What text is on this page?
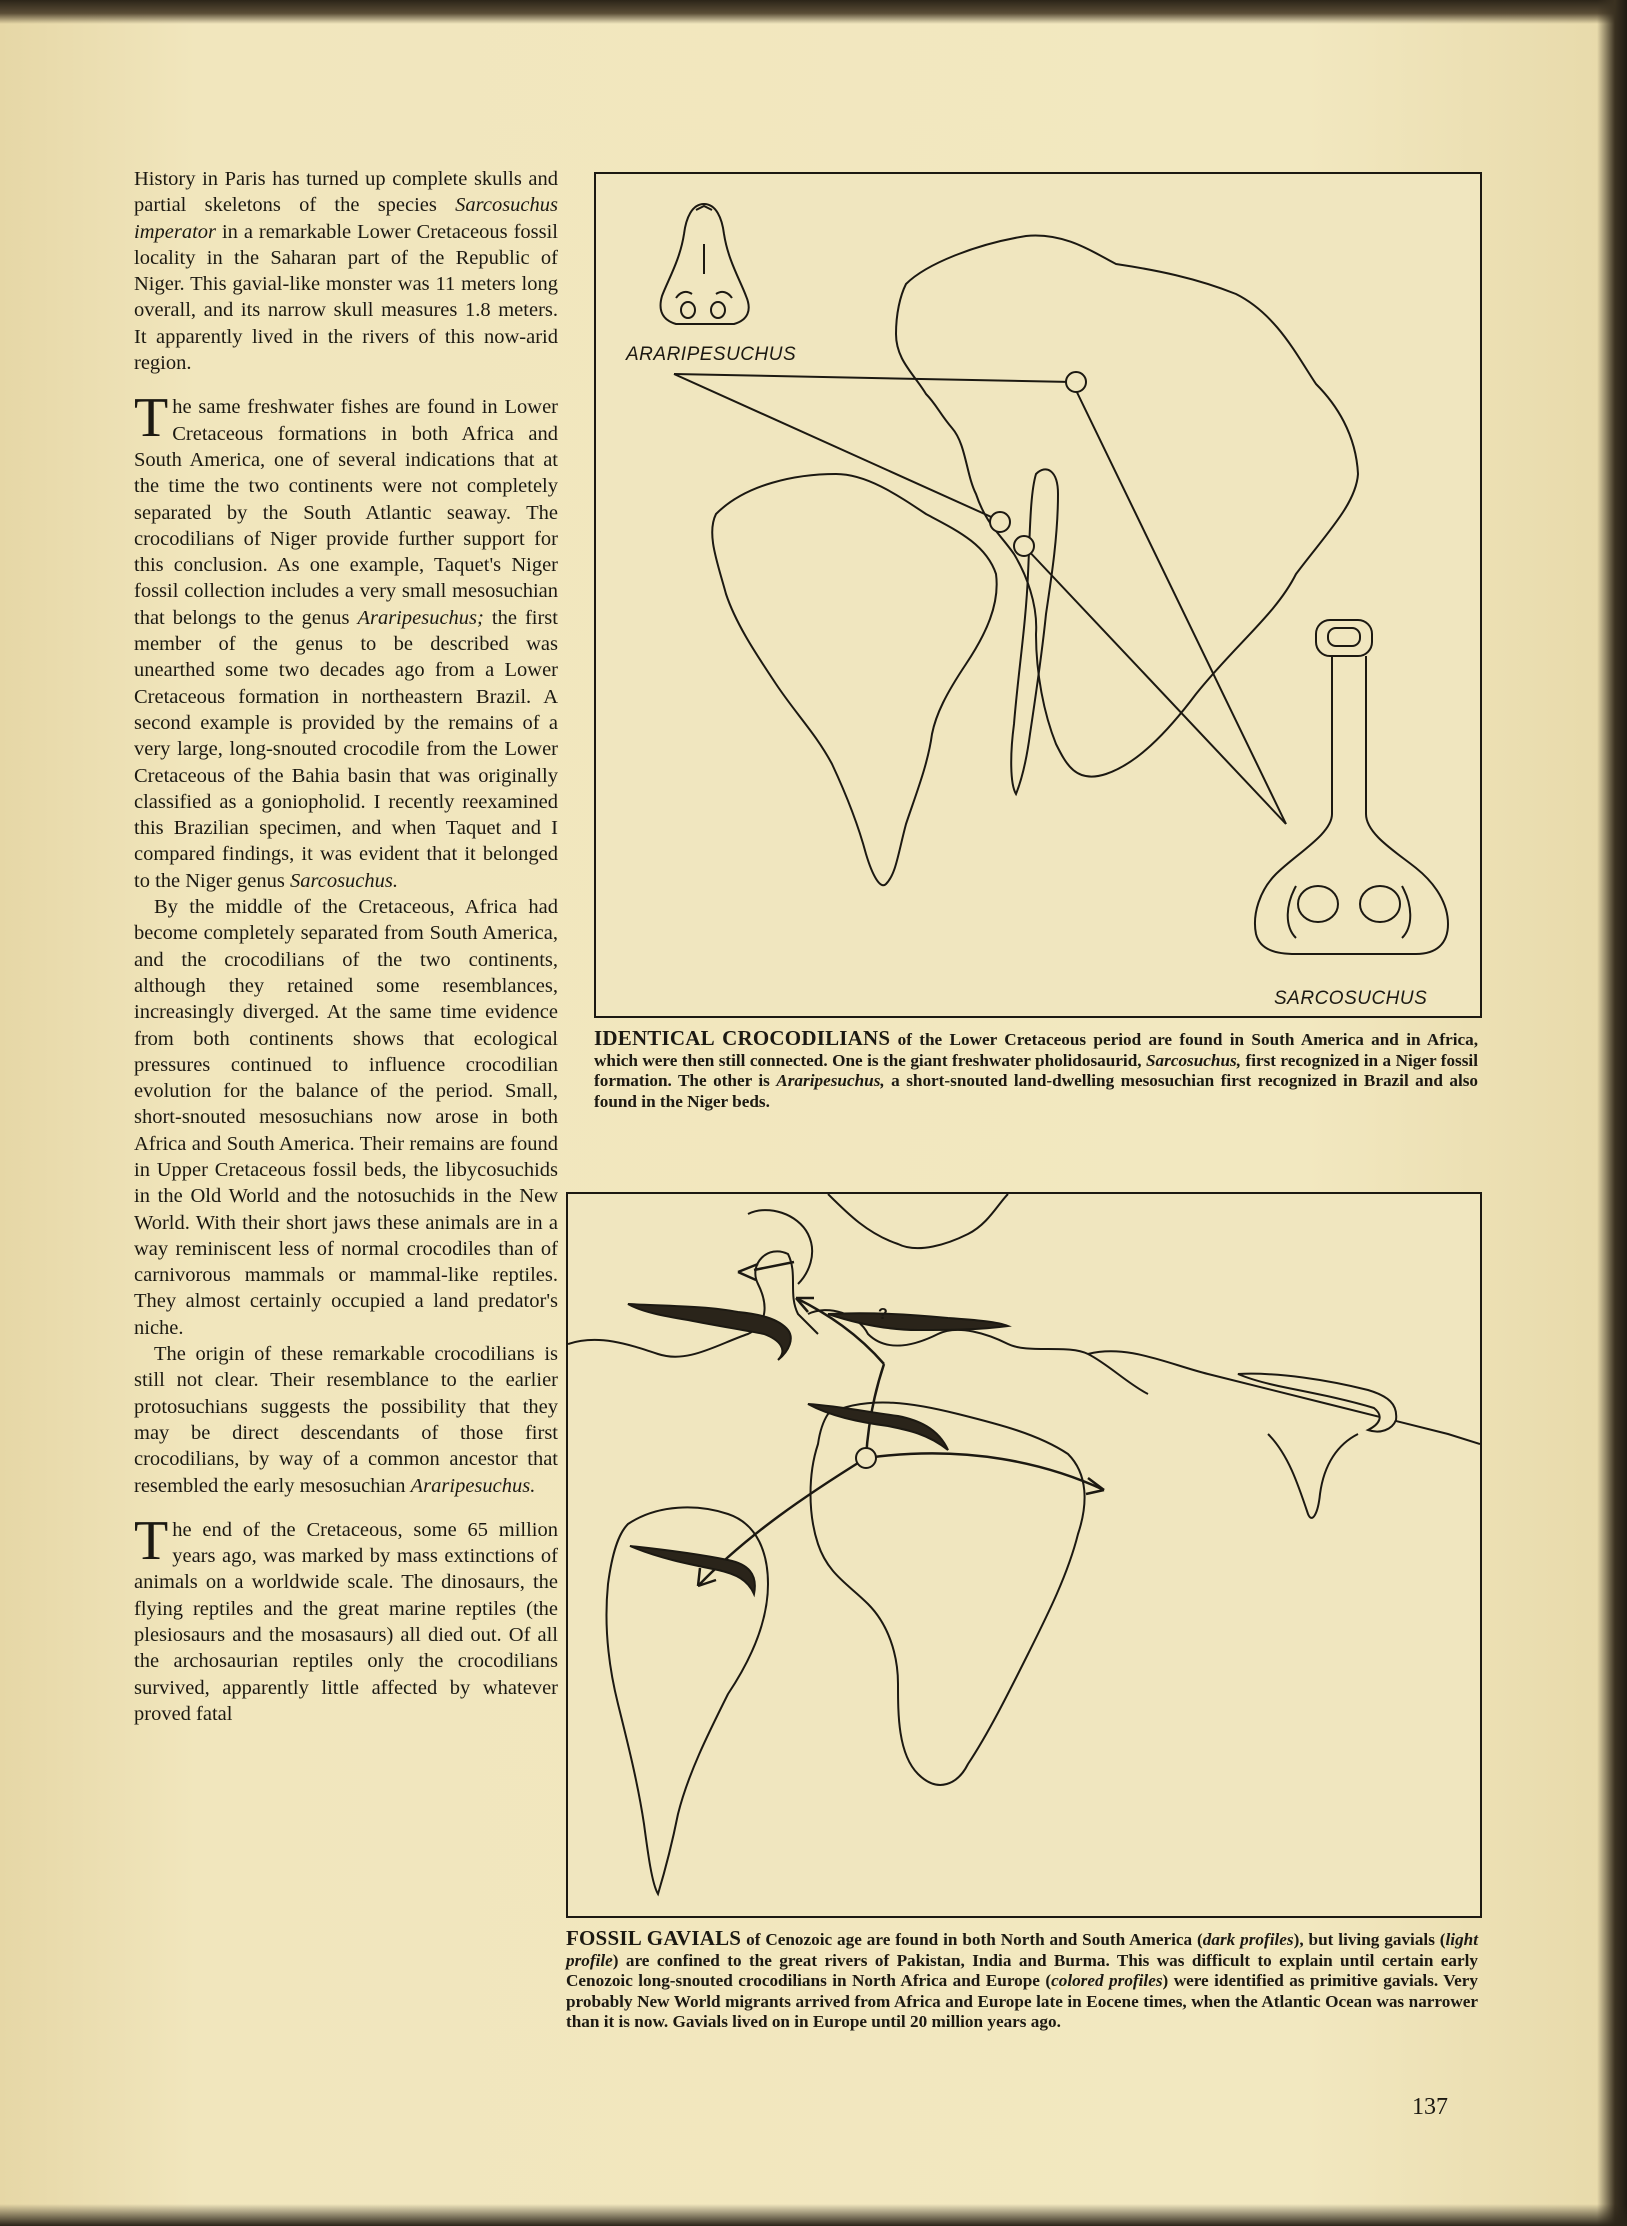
History in Paris has turned up complete skulls and partial skeletons of the species Sarcosuchus imperator in a remarkable Lower Cretaceous fossil locality in the Saharan part of the Republic of Niger. This gavial-like monster was 11 meters long overall, and its narrow skull measures 1.8 meters. It apparently lived in the rivers of this now-arid region.

The same freshwater fishes are found in Lower Cretaceous formations in both Africa and South America, one of several indications that at the time the two continents were not completely separated by the South Atlantic seaway. The crocodilians of Niger provide further support for this conclusion. As one example, Taquet's Niger fossil collection includes a very small mesosuchian that belongs to the genus Araripesuchus; the first member of the genus to be described was unearthed some two decades ago from a Lower Cretaceous formation in northeastern Brazil. A second example is provided by the remains of a very large, long-snouted crocodile from the Lower Cretaceous of the Bahia basin that was originally classified as a goniopholid. I recently reexamined this Brazilian specimen, and when Taquet and I compared findings, it was evident that it belonged to the Niger genus Sarcosuchus.

By the middle of the Cretaceous, Africa had become completely separated from South America, and the crocodilians of the two continents, although they retained some resemblances, increasingly diverged. At the same time evidence from both continents shows that ecological pressures continued to influence crocodilian evolution for the balance of the period. Small, short-snouted mesosuchians now arose in both Africa and South America. Their remains are found in Upper Cretaceous fossil beds, the libycosuchids in the Old World and the notosuchids in the New World. With their short jaws these animals are in a way reminiscent less of normal crocodiles than of carnivorous mammals or mammal-like reptiles. They almost certainly occupied a land predator's niche.

The origin of these remarkable crocodilians is still not clear. Their resemblance to the earlier protosuchians suggests the possibility that they may be direct descendants of those first crocodilians, by way of a common ancestor that resembled the early mesosuchian Araripesuchus.

The end of the Cretaceous, some 65 million years ago, was marked by mass extinctions of animals on a worldwide scale. The dinosaurs, the flying reptiles and the great marine reptiles (the plesiosaurs and the mosasaurs) all died out. Of all the archosaurian reptiles only the crocodilians survived, apparently little affected by whatever proved fatal

ARARIPESUCHUS
SARCOSUCHUS
IDENTICAL CROCODILIANS of the Lower Cretaceous period are found in South America and in Africa, which were then still connected. One is the giant freshwater pholidosaurid, Sarcosuchus, first recognized in a Niger fossil formation. The other is Araripesuchus, a short-snouted land-dwelling mesosuchian first recognized in Brazil and also found in the Niger beds.
?
FOSSIL GAVIALS of Cenozoic age are found in both North and South America (dark profiles), but living gavials (light profile) are confined to the great rivers of Pakistan, India and Burma. This was difficult to explain until certain early Cenozoic long-snouted crocodilians in North Africa and Europe (colored profiles) were identified as primitive gavials. Very probably New World migrants arrived from Africa and Europe late in Eocene times, when the Atlantic Ocean was narrower than it is now. Gavials lived on in Europe until 20 million years ago.
137
